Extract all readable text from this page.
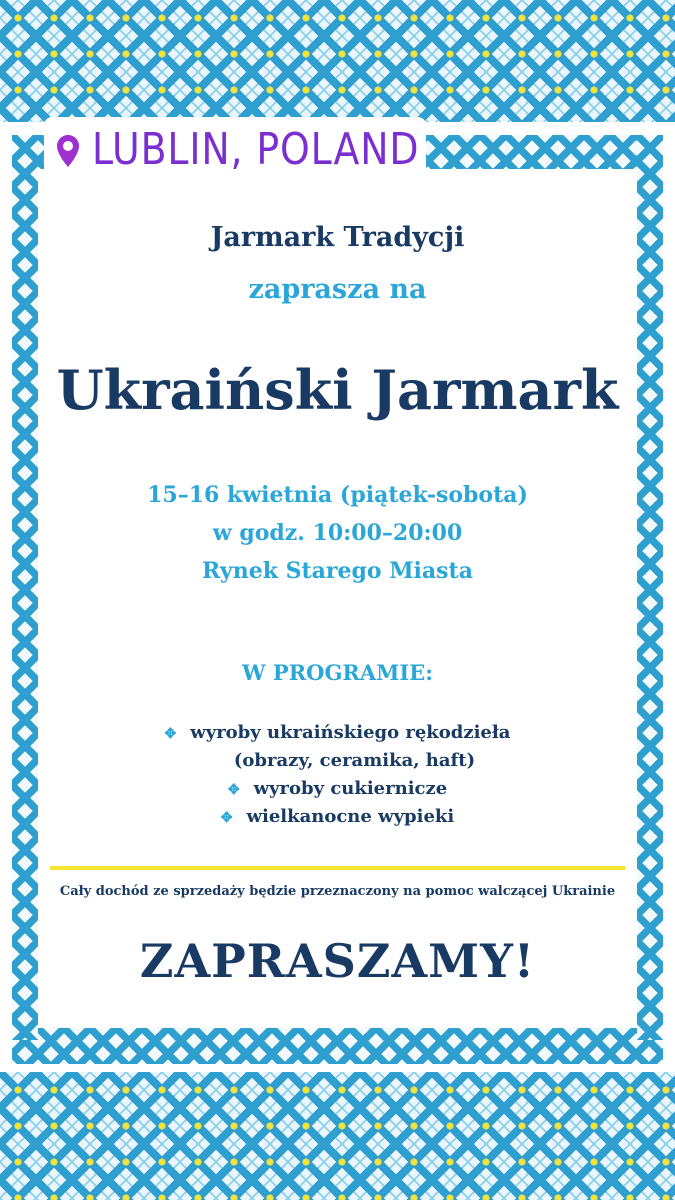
LUBLIN, POLAND
Jarmark Tradycji
zaprasza na
Ukraiński Jarmark
15–16 kwietnia (piątek-sobota)
w godz. 10:00–20:00
Rynek Starego Miasta
W PROGRAMIE:
✥ wyroby ukraińskiego rękodzieła
(obrazy, ceramika, haft)
✥ wyroby cukiernicze
✥ wielkanocne wypieki
Cały dochód ze sprzedaży będzie przeznaczony na pomoc walczącej Ukrainie
ZAPRASZAMY!
